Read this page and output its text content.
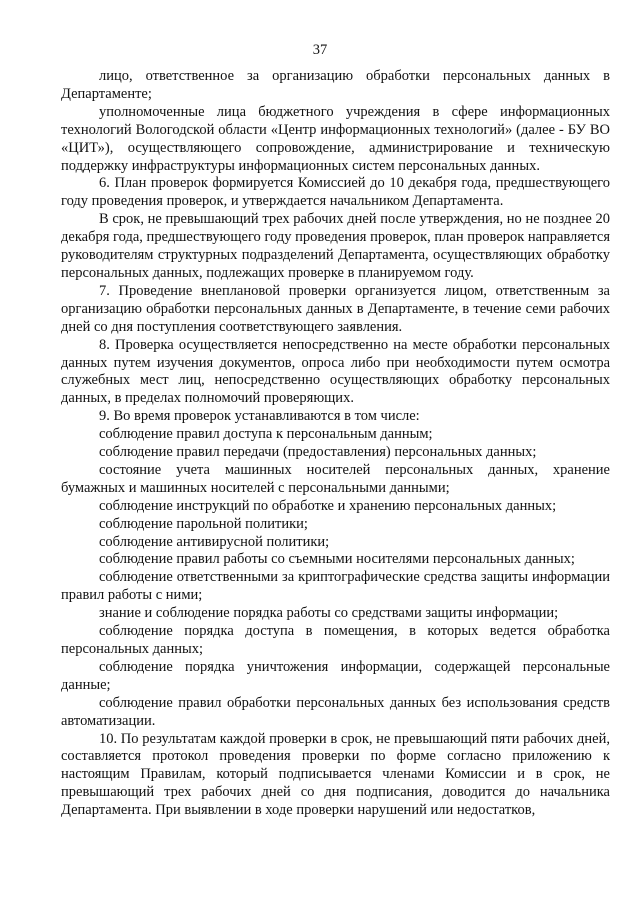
37

лицо, ответственное за организацию обработки персональных данных в Департаменте;

уполномоченные лица бюджетного учреждения в сфере информационных технологий Вологодской области «Центр информационных технологий» (далее - БУ ВО «ЦИТ»), осуществляющего сопровождение, администрирование и техническую поддержку инфраструктуры информационных систем персональных данных.

6. План проверок формируется Комиссией до 10 декабря года, предшествующего году проведения проверок, и утверждается начальником Департамента.

В срок, не превышающий трех рабочих дней после утверждения, но не позднее 20 декабря года, предшествующего году проведения проверок, план проверок направляется руководителям структурных подразделений Департамента, осуществляющих обработку персональных данных, подлежащих проверке в планируемом году.

7. Проведение внеплановой проверки организуется лицом, ответственным за организацию обработки персональных данных в Департаменте, в течение семи рабочих дней со дня поступления соответствующего заявления.

8. Проверка осуществляется непосредственно на месте обработки персональных данных путем изучения документов, опроса либо при необходимости путем осмотра служебных мест лиц, непосредственно осуществляющих обработку персональных данных, в пределах полномочий проверяющих.

9. Во время проверок устанавливаются в том числе:

соблюдение правил доступа к персональным данным;

соблюдение правил передачи (предоставления) персональных данных;

состояние учета машинных носителей персональных данных, хранение бумажных и машинных носителей с персональными данными;

соблюдение инструкций по обработке и хранению персональных данных;

соблюдение парольной политики;

соблюдение антивирусной политики;

соблюдение правил работы со съемными носителями персональных данных;

соблюдение ответственными за криптографические средства защиты информации правил работы с ними;

знание и соблюдение порядка работы со средствами защиты информации;

соблюдение порядка доступа в помещения, в которых ведется обработка персональных данных;

соблюдение порядка уничтожения информации, содержащей персональные данные;

соблюдение правил обработки персональных данных без использования средств автоматизации.

10. По результатам каждой проверки в срок, не превышающий пяти рабочих дней, составляется протокол проведения проверки по форме согласно приложению к настоящим Правилам, который подписывается членами Комиссии и в срок, не превышающий трех рабочих дней со дня подписания, доводится до начальника Департамента. При выявлении в ходе проверки нарушений или недостатков,
